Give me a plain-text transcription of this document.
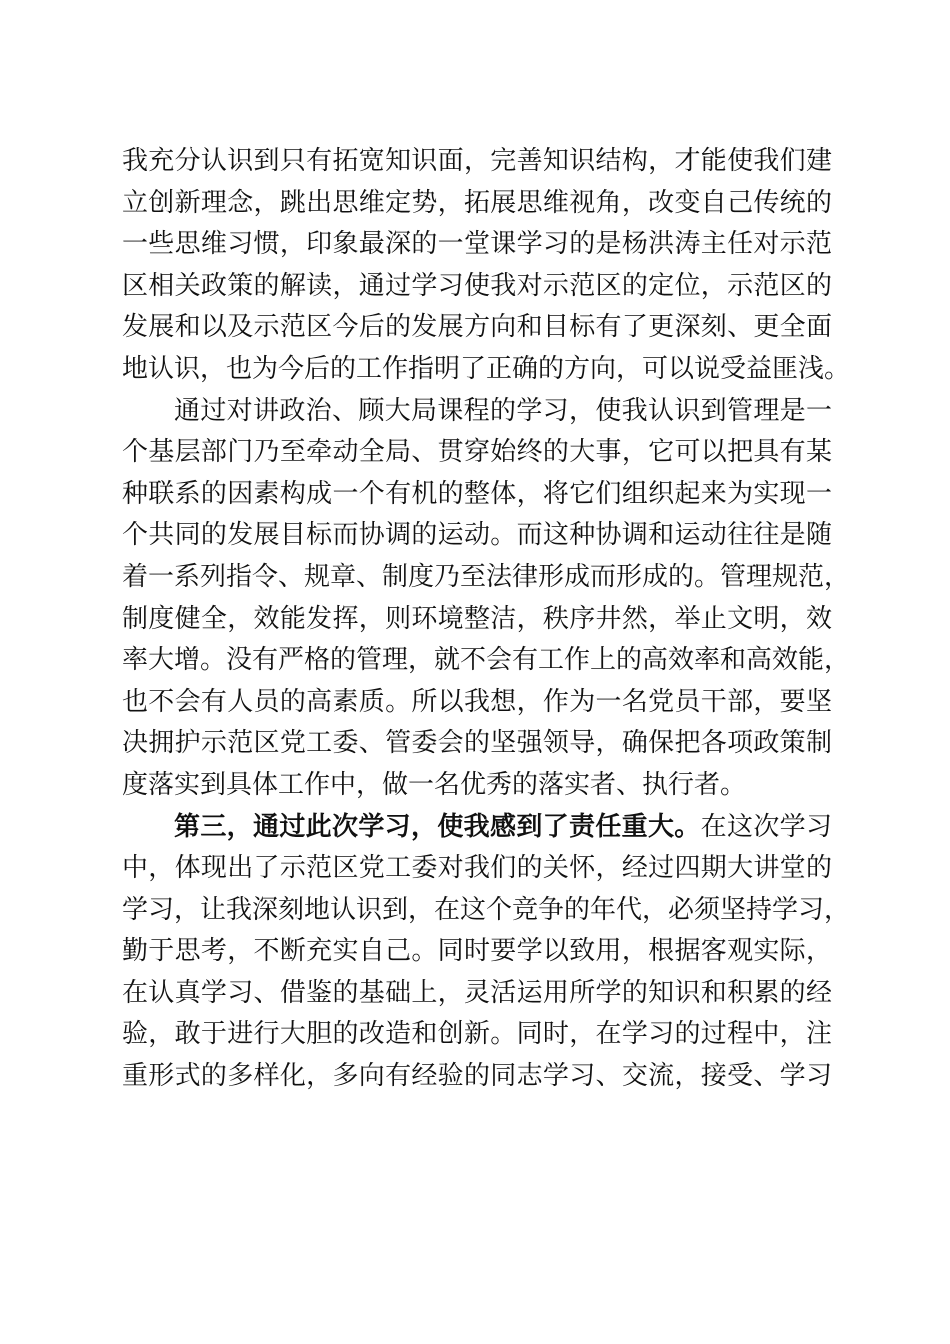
我充分认识到只有拓宽知识面，完善知识结构，才能使我们建
立创新理念，跳出思维定势，拓展思维视角，改变自己传统的
一些思维习惯，印象最深的一堂课学习的是杨洪涛主任对示范
区相关政策的解读，通过学习使我对示范区的定位，示范区的
发展和以及示范区今后的发展方向和目标有了更深刻、更全面
地认识，也为今后的工作指明了正确的方向，可以说受益匪浅。
通过对讲政治、顾大局课程的学习，使我认识到管理是一
个基层部门乃至牵动全局、贯穿始终的大事，它可以把具有某
种联系的因素构成一个有机的整体，将它们组织起来为实现一
个共同的发展目标而协调的运动。而这种协调和运动往往是随
着一系列指令、规章、制度乃至法律形成而形成的。管理规范，
制度健全，效能发挥，则环境整洁，秩序井然，举止文明，效
率大增。没有严格的管理，就不会有工作上的高效率和高效能，
也不会有人员的高素质。所以我想，作为一名党员干部，要坚
决拥护示范区党工委、管委会的坚强领导，确保把各项政策制
度落实到具体工作中，做一名优秀的落实者、执行者。
第三，通过此次学习，使我感到了责任重大。在这次学习
中，体现出了示范区党工委对我们的关怀，经过四期大讲堂的
学习，让我深刻地认识到，在这个竞争的年代，必须坚持学习，
勤于思考，不断充实自己。同时要学以致用，根据客观实际，
在认真学习、借鉴的基础上，灵活运用所学的知识和积累的经
验，敢于进行大胆的改造和创新。同时，在学习的过程中，注
重形式的多样化，多向有经验的同志学习、交流，接受、学习
